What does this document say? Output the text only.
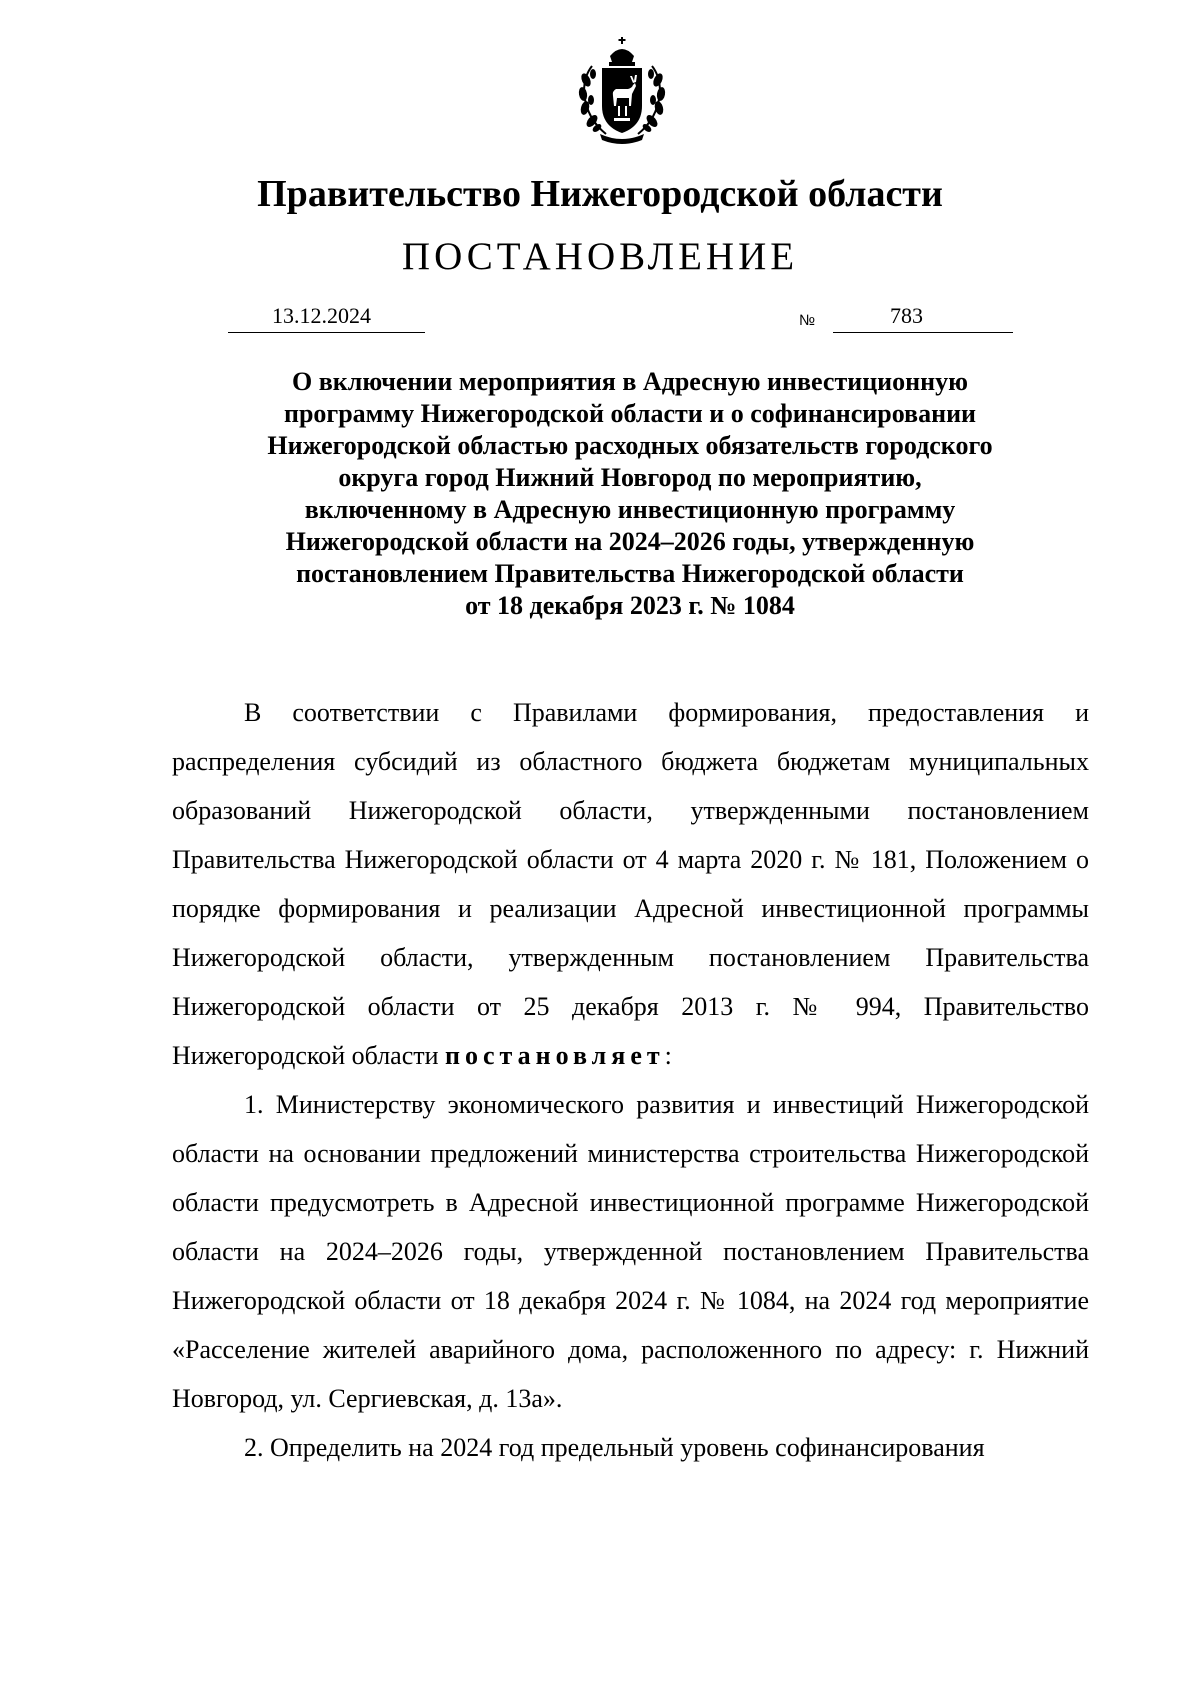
Правительство Нижегородской области
ПОСТАНОВЛЕНИЕ
13.12.2024	№	783
О включении мероприятия в Адресную инвестиционную
программу Нижегородской области и о софинансировании
Нижегородской областью расходных обязательств городского
округа город Нижний Новгород по мероприятию,
включенному в Адресную инвестиционную программу
Нижегородской области на 2024–2026 годы, утвержденную
постановлением Правительства Нижегородской области
от 18 декабря 2023 г. № 1084

В соответствии с Правилами формирования, предоставления и распределения субсидий из областного бюджета бюджетам муниципальных образований Нижегородской области, утвержденными постановлением Правительства Нижегородской области от 4 марта 2020 г. № 181, Положением о порядке формирования и реализации Адресной инвестиционной программы Нижегородской области, утвержденным постановлением Правительства Нижегородской области от 25 декабря 2013 г. № 994, Правительство Нижегородской области постановляет:

1. Министерству экономического развития и инвестиций Нижегородской области на основании предложений министерства строительства Нижегородской области предусмотреть в Адресной инвестиционной программе Нижегородской области на 2024–2026 годы, утвержденной постановлением Правительства Нижегородской области от 18 декабря 2024 г. № 1084, на 2024 год мероприятие «Расселение жителей аварийного дома, расположенного по адресу: г. Нижний Новгород, ул. Сергиевская, д. 13а».

2. Определить на 2024 год предельный уровень софинансирования
